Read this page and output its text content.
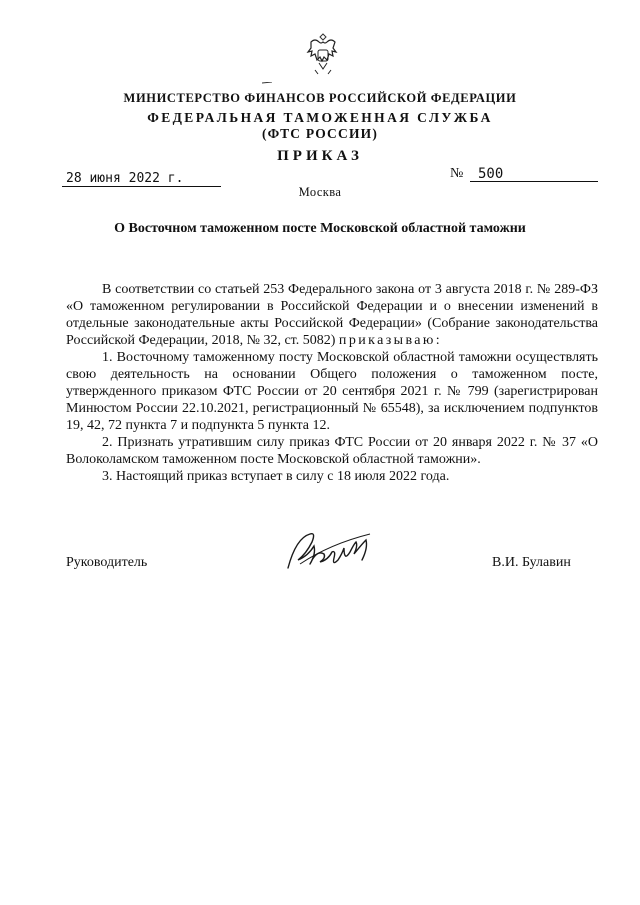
МИНИСТЕРСТВО ФИНАНСОВ РОССИЙСКОЙ ФЕДЕРАЦИИ
ФЕДЕРАЛЬНАЯ ТАМОЖЕННАЯ СЛУЖБА
(ФТС РОССИИ)
ПРИКАЗ
28 июня 2022 г.	№	500
Москва
О Восточном таможенном посте Московской областной таможни

В соответствии со статьей 253 Федерального закона от 3 августа 2018 г. № 289-ФЗ «О таможенном регулировании в Российской Федерации и о внесении изменений в отдельные законодательные акты Российской Федерации» (Собрание законодательства Российской Федерации, 2018, № 32, ст. 5082) приказываю:

1. Восточному таможенному посту Московской областной таможни осуществлять свою деятельность на основании Общего положения о таможенном посте, утвержденного приказом ФТС России от 20 сентября 2021 г. № 799 (зарегистрирован Минюстом России 22.10.2021, регистрационный № 65548), за исключением подпунктов 19, 42, 72 пункта 7 и подпункта 5 пункта 12.

2. Признать утратившим силу приказ ФТС России от 20 января 2022 г. № 37 «О Волоколамском таможенном посте Московской областной таможни».

3. Настоящий приказ вступает в силу с 18 июля 2022 года.

Руководитель	В.И. Булавин
